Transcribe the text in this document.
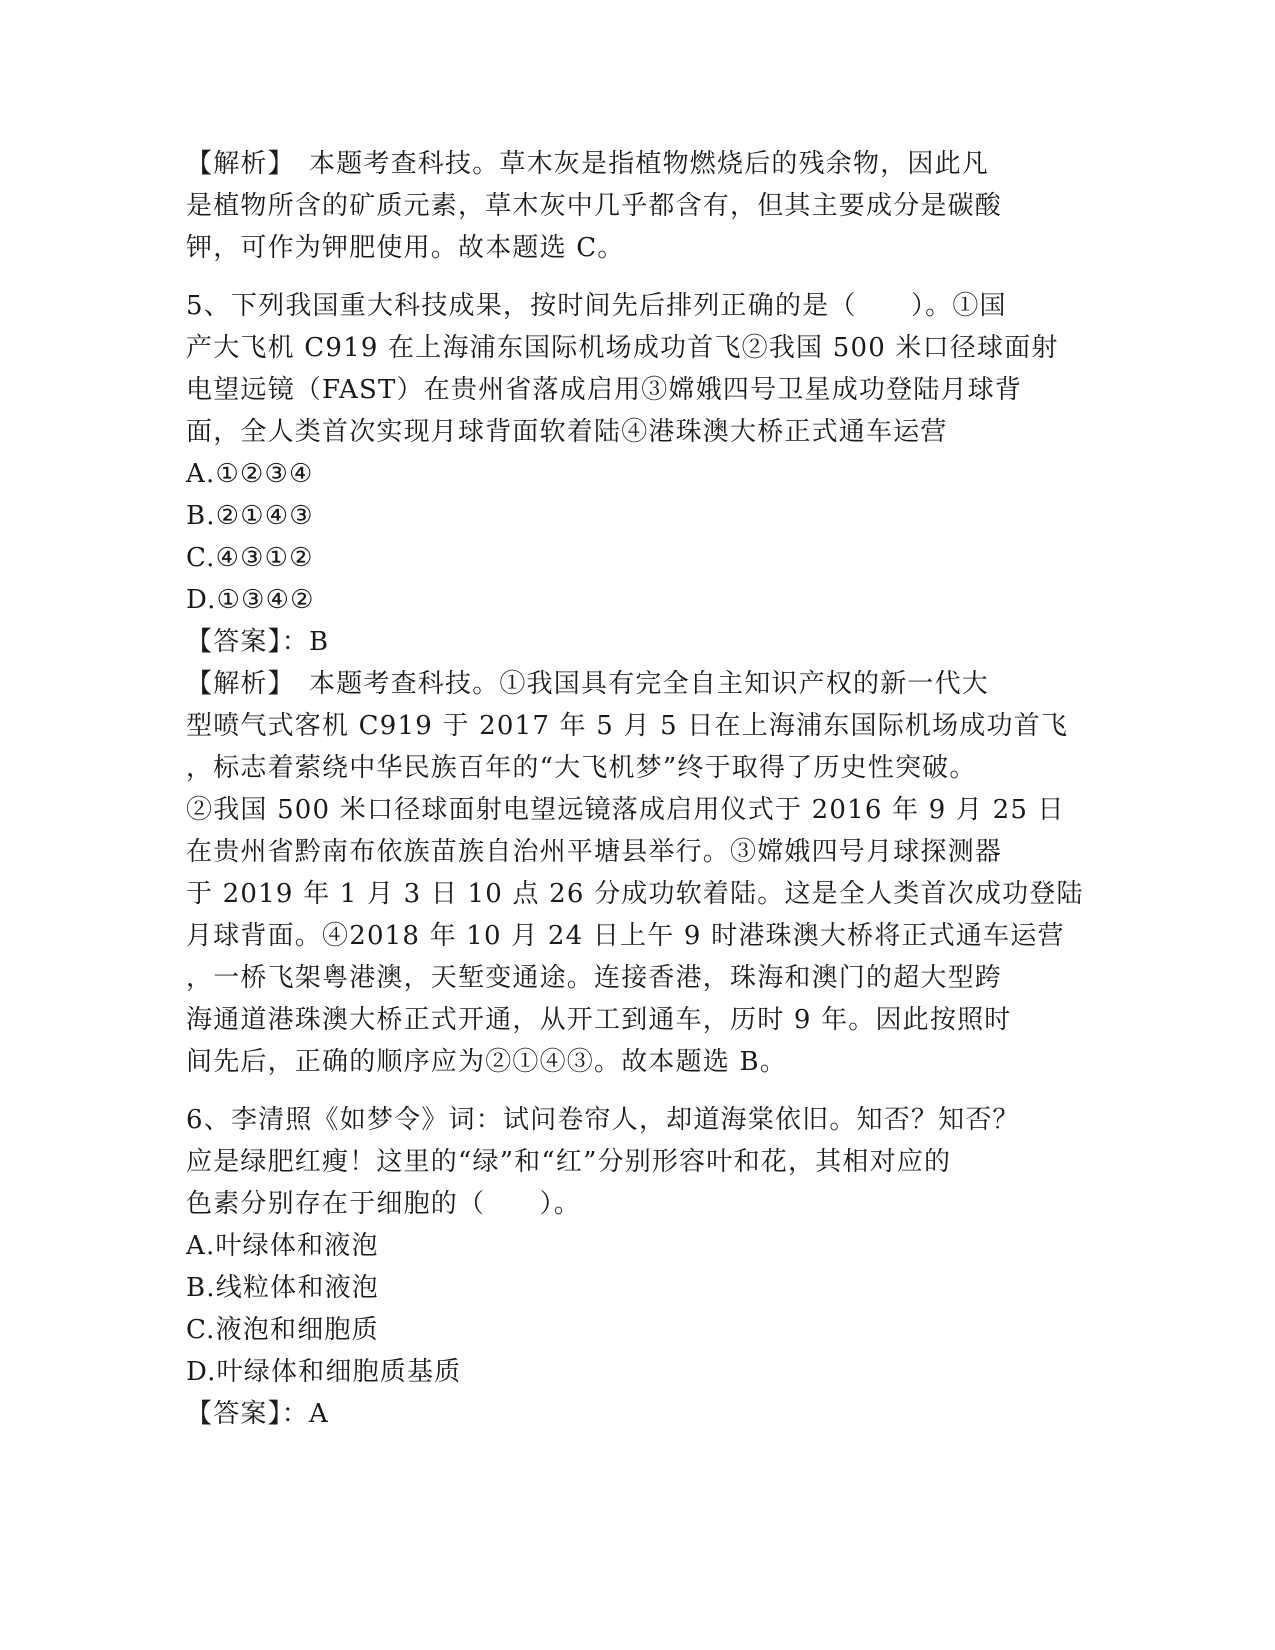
【解析】　本题考查科技。草木灰是指植物燃烧后的残余物，因此凡
是植物所含的矿质元素，草木灰中几乎都含有，但其主要成分是碳酸
钾，可作为钾肥使用。故本题选 C。
5、下列我国重大科技成果，按时间先后排列正确的是（　　）。①国
产大飞机 C919 在上海浦东国际机场成功首飞②我国 500 米口径球面射
电望远镜（FAST）在贵州省落成启用③嫦娥四号卫星成功登陆月球背
面，全人类首次实现月球背面软着陆④港珠澳大桥正式通车运营
A.①②③④
B.②①④③
C.④③①②
D.①③④②
【答案】：B
【解析】　本题考查科技。①我国具有完全自主知识产权的新一代大
型喷气式客机 C919 于 2017 年 5 月 5 日在上海浦东国际机场成功首飞
，标志着萦绕中华民族百年的“大飞机梦”终于取得了历史性突破。
②我国 500 米口径球面射电望远镜落成启用仪式于 2016 年 9 月 25 日
在贵州省黔南布依族苗族自治州平塘县举行。③嫦娥四号月球探测器
于 2019 年 1 月 3 日 10 点 26 分成功软着陆。这是全人类首次成功登陆
月球背面。④2018 年 10 月 24 日上午 9 时港珠澳大桥将正式通车运营
，一桥飞架粤港澳，天堑变通途。连接香港，珠海和澳门的超大型跨
海通道港珠澳大桥正式开通，从开工到通车，历时 9 年。因此按照时
间先后，正确的顺序应为②①④③。故本题选 B。
6、李清照《如梦令》词：试问卷帘人，却道海棠依旧。知否？知否？
应是绿肥红瘦！这里的“绿”和“红”分别形容叶和花，其相对应的
色素分别存在于细胞的（　　）。
A.叶绿体和液泡
B.线粒体和液泡
C.液泡和细胞质
D.叶绿体和细胞质基质
【答案】：A
